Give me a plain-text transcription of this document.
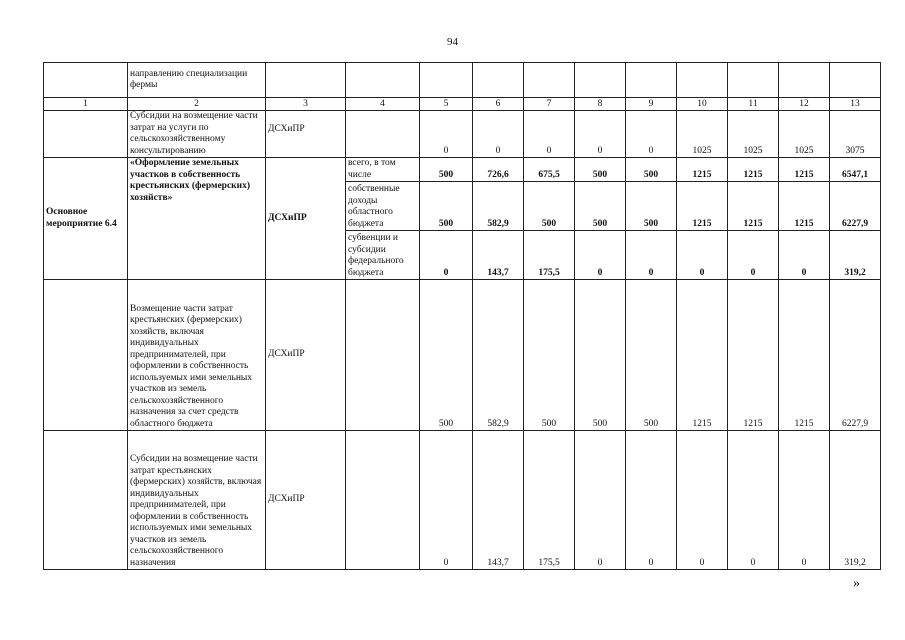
94
	направлению специализации фермы											
1	2	3	4	5	6	7	8	9	10	11	12	13
	Субсидии на возмещение части затрат на услуги по сельскохозяйственному консультированию	ДСХиПР		0	0	0	0	0	1025	1025	1025	3075
Основное мероприятие 6.4	«Оформление земельных участков в собственность крестьянских (фермерских) хозяйств»	ДСХиПР	всего, в том числе	500	726,6	675,5	500	500	1215	1215	1215	6547,1
			собственные доходы областного бюджета	500	582,9	500	500	500	1215	1215	1215	6227,9
			субвенции и субсидии федерального бюджета	0	143,7	175,5	0	0	0	0	0	319,2
	Возмещение части затрат крестьянских (фермерских) хозяйств, включая индивидуальных предпринимателей, при оформлении в собственность используемых ими земельных участков из земель сельскохозяйственного назначения за счет средств областного бюджета	ДСХиПР		500	582,9	500	500	500	1215	1215	1215	6227,9
	Субсидии на возмещение части затрат крестьянских (фермерских) хозяйств, включая индивидуальных предпринимателей, при оформлении в собственность используемых ими земельных участков из земель сельскохозяйственного назначения	ДСХиПР		0	143,7	175,5	0	0	0	0	0	319,2
»
